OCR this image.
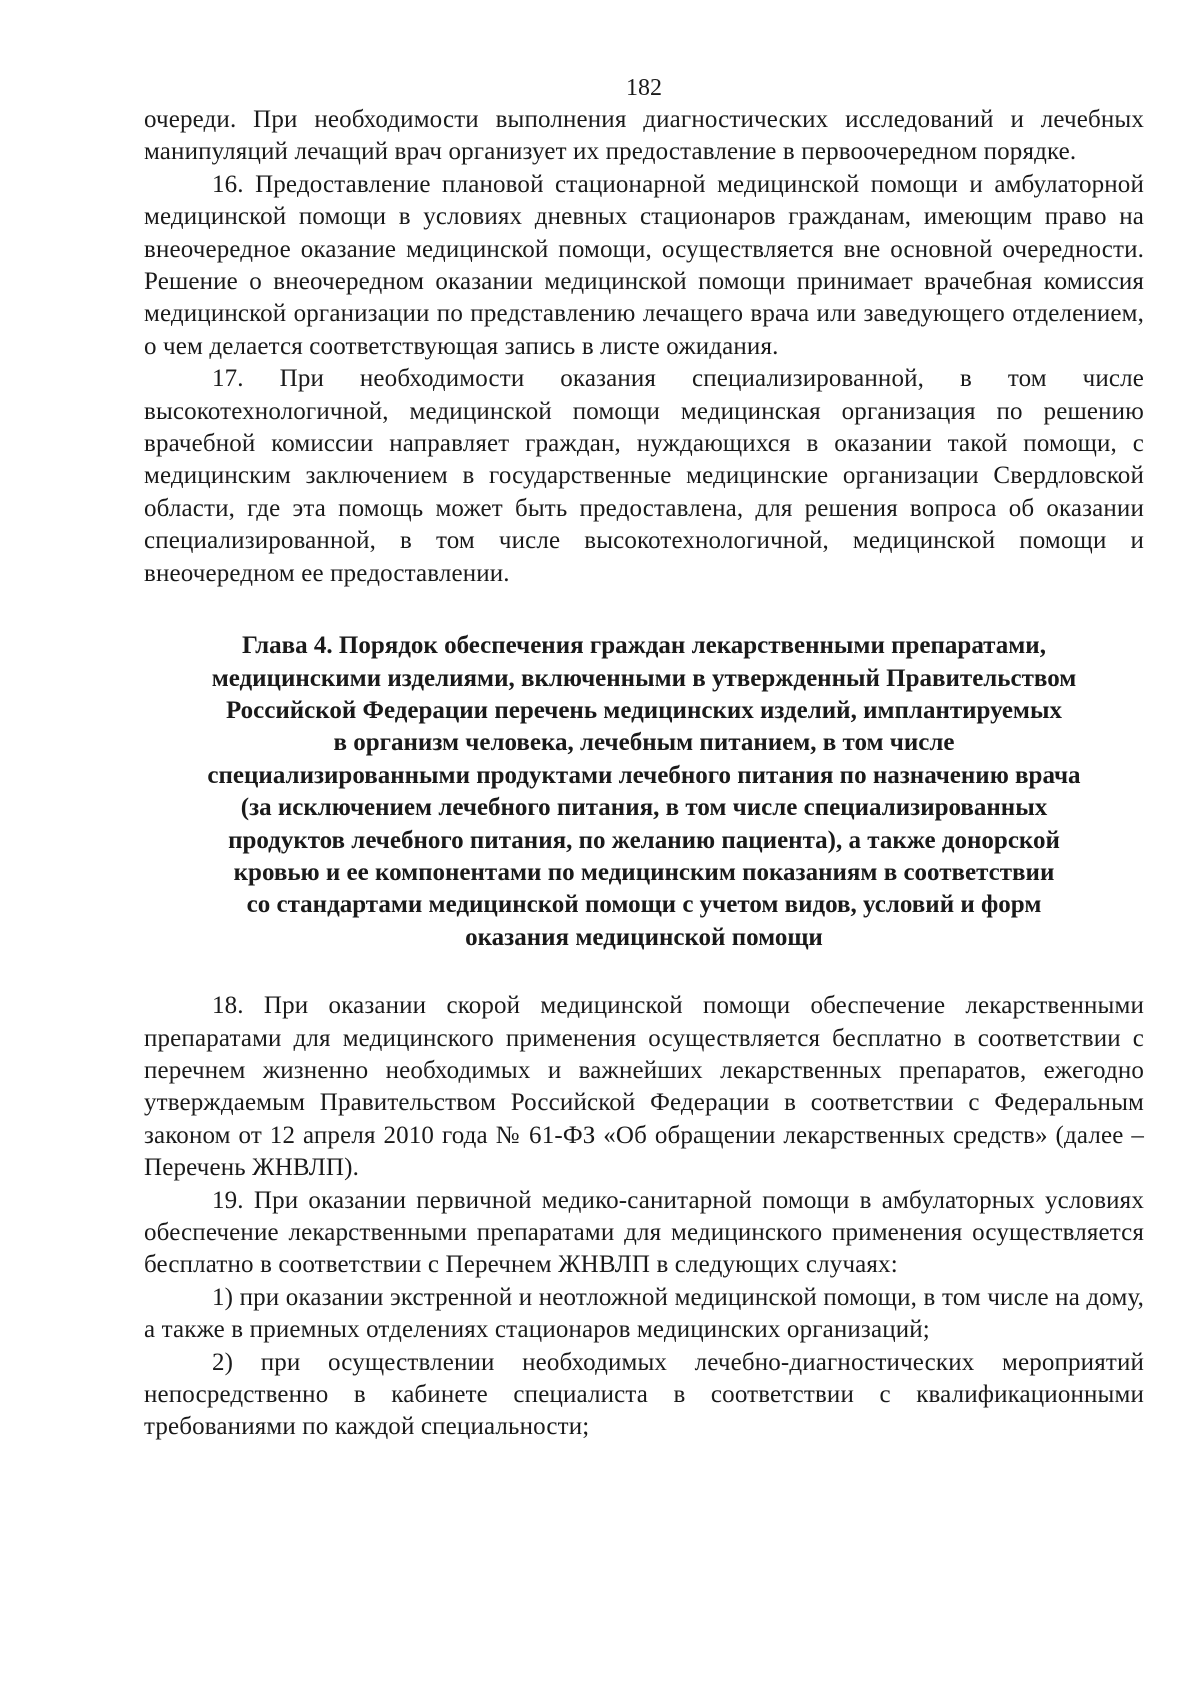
182

очереди. При необходимости выполнения диагностических исследований и лечебных манипуляций лечащий врач организует их предоставление в первоочередном порядке.

16. Предоставление плановой стационарной медицинской помощи и амбулаторной медицинской помощи в условиях дневных стационаров гражданам, имеющим право на внеочередное оказание медицинской помощи, осуществляется вне основной очередности. Решение о внеочередном оказании медицинской помощи принимает врачебная комиссия медицинской организации по представлению лечащего врача или заведующего отделением, о чем делается соответствующая запись в листе ожидания.

17. При необходимости оказания специализированной, в том числе высокотехнологичной, медицинской помощи медицинская организация по решению врачебной комиссии направляет граждан, нуждающихся в оказании такой помощи, с медицинским заключением в государственные медицинские организации Свердловской области, где эта помощь может быть предоставлена, для решения вопроса об оказании специализированной, в том числе высокотехнологичной, медицинской помощи и внеочередном ее предоставлении.

Глава 4. Порядок обеспечения граждан лекарственными препаратами,
медицинскими изделиями, включенными в утвержденный Правительством
Российской Федерации перечень медицинских изделий, имплантируемых
в организм человека, лечебным питанием, в том числе
специализированными продуктами лечебного питания по назначению врача
(за исключением лечебного питания, в том числе специализированных
продуктов лечебного питания, по желанию пациента), а также донорской
кровью и ее компонентами по медицинским показаниям в соответствии
со стандартами медицинской помощи с учетом видов, условий и форм
оказания медицинской помощи

18. При оказании скорой медицинской помощи обеспечение лекарственными препаратами для медицинского применения осуществляется бесплатно в соответствии с перечнем жизненно необходимых и важнейших лекарственных препаратов, ежегодно утверждаемым Правительством Российской Федерации в соответствии с Федеральным законом от 12 апреля 2010 года № 61-ФЗ «Об обращении лекарственных средств» (далее – Перечень ЖНВЛП).

19. При оказании первичной медико-санитарной помощи в амбулаторных условиях обеспечение лекарственными препаратами для медицинского применения осуществляется бесплатно в соответствии с Перечнем ЖНВЛП в следующих случаях:

1) при оказании экстренной и неотложной медицинской помощи, в том числе на дому, а также в приемных отделениях стационаров медицинских организаций;

2) при осуществлении необходимых лечебно-диагностических мероприятий непосредственно в кабинете специалиста в соответствии с квалификационными требованиями по каждой специальности;
